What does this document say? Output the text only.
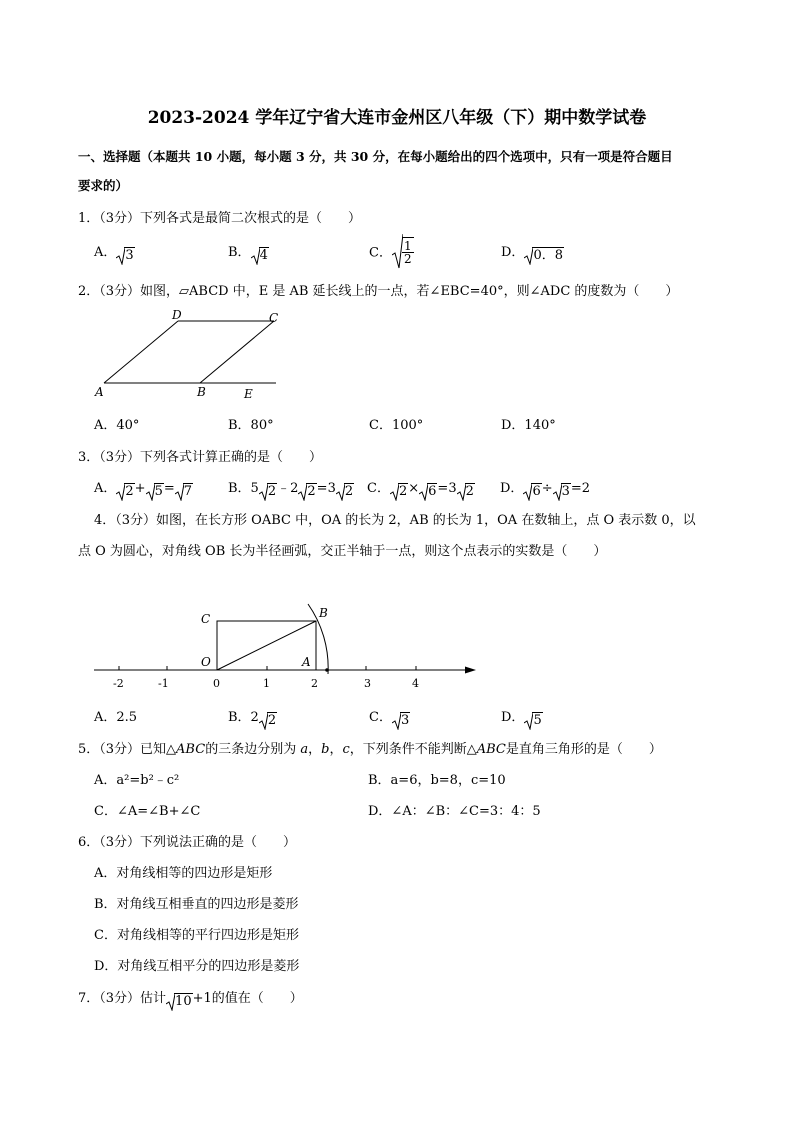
2023-2024 学年辽宁省大连市金州区八年级（下）期中数学试卷
一、选择题（本题共 10 小题，每小题 3 分，共 30 分，在每小题给出的四个选项中，只有一项是符合题目
要求的）
1．（3分）下列各式是最简二次根式的是（　　）
A． 3	B． 4	C． $\frac{1}{2}$	D． 0．8
2．（3分）如图，▱ABCD 中，E 是 AB 延长线上的一点，若∠EBC=40°，则∠ADC 的度数为（　　）
D	C
A	B	E
A．40°	B．80°	C．100°	D．140°
3．（3分）下列各式计算正确的是（　　）
A． 2+ 5= 7	B．5 2﹣2 2=3 2 C． 2× 6=3 2 D． 6÷ 3=2
4．（3分）如图，在长方形 OABC 中，OA 的长为 2，AB 的长为 1，OA 在数轴上，点 O 表示数 0，以
点 O 为圆心，对角线 OB 长为半径画弧，交正半轴于一点，则这个点表示的实数是（　　）
C	B
O	A
-2	-1	0	1	2	3	4
A．2.5	B．2 2	C． 3	D． 5
5．（3分）已知△ABC的三条边分别为 a，b，c，下列条件不能判断△ABC是直角三角形的是（　　）
A．a²=b²﹣c²	B．a=6，b=8，c=10
C．∠A=∠B+∠C	D．∠A：∠B：∠C=3：4：5
6．（3分）下列说法正确的是（　　）
A．对角线相等的四边形是矩形
B．对角线互相垂直的四边形是菱形
C．对角线相等的平行四边形是矩形
D．对角线互相平分的四边形是菱形
7．（3分）估计 10+1的值在（　　）
